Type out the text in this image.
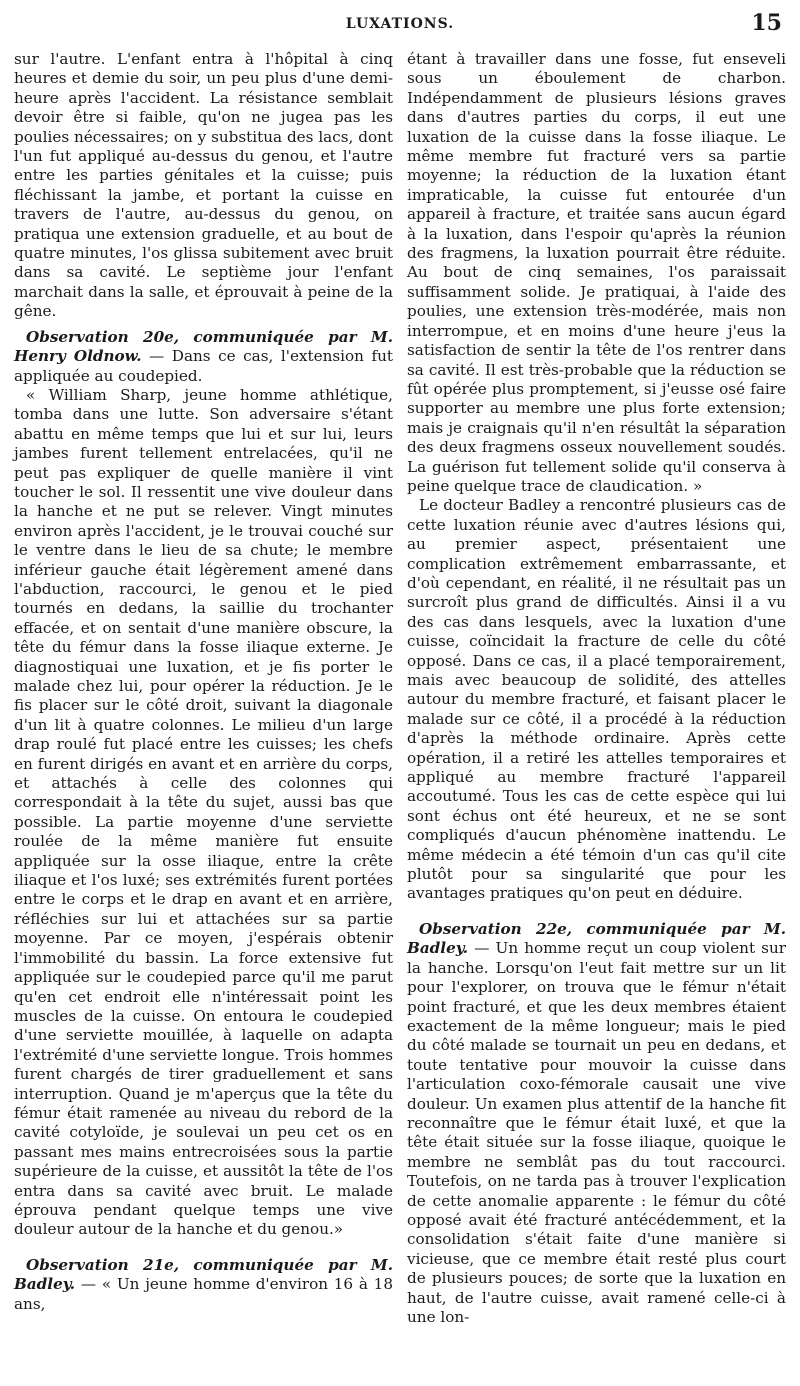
LUXATIONS.	15

sur l'autre. L'enfant entra à l'hôpital à cinq heures et demie du soir, un peu plus d'une demi-heure après l'accident. La résistance semblait devoir être si faible, qu'on ne jugea pas les poulies nécessaires; on y substitua des lacs, dont l'un fut appliqué au-dessus du genou, et l'autre entre les parties génitales et la cuisse; puis fléchissant la jambe, et portant la cuisse en travers de l'autre, au-dessus du genou, on pratiqua une extension graduelle, et au bout de quatre minutes, l'os glissa subitement avec bruit dans sa cavité. Le septième jour l'enfant marchait dans la salle, et éprouvait à peine de la gêne.

Observation 20e, communiquée par M. Henry Oldnow. — Dans ce cas, l'extension fut appliquée au coudepied.

« William Sharp, jeune homme athlétique, tomba dans une lutte. Son adversaire s'étant abattu en même temps que lui et sur lui, leurs jambes furent tellement entrelacées, qu'il ne peut pas expliquer de quelle manière il vint toucher le sol. Il ressentit une vive douleur dans la hanche et ne put se relever. Vingt minutes environ après l'accident, je le trouvai couché sur le ventre dans le lieu de sa chute; le membre inférieur gauche était légèrement amené dans l'abduction, raccourci, le genou et le pied tournés en dedans, la saillie du trochanter effacée, et on sentait d'une manière obscure, la tête du fémur dans la fosse iliaque externe. Je diagnostiquai une luxation, et je fis porter le malade chez lui, pour opérer la réduction. Je le fis placer sur le côté droit, suivant la diagonale d'un lit à quatre colonnes. Le milieu d'un large drap roulé fut placé entre les cuisses; les chefs en furent dirigés en avant et en arrière du corps, et attachés à celle des colonnes qui correspondait à la tête du sujet, aussi bas que possible. La partie moyenne d'une serviette roulée de la même manière fut ensuite appliquée sur la osse iliaque, entre la crête iliaque et l'os luxé; ses extrémités furent portées entre le corps et le drap en avant et en arrière, réfléchies sur lui et attachées sur sa partie moyenne. Par ce moyen, j'espérais obtenir l'immobilité du bassin. La force extensive fut appliquée sur le coudepied parce qu'il me parut qu'en cet endroit elle n'intéressait point les muscles de la cuisse. On entoura le coudepied d'une serviette mouillée, à laquelle on adapta l'extrémité d'une serviette longue. Trois hommes furent chargés de tirer graduellement et sans interruption. Quand je m'aperçus que la tête du fémur était ramenée au niveau du rebord de la cavité cotyloïde, je soulevai un peu cet os en passant mes mains entrecroisées sous la partie supérieure de la cuisse, et aussitôt la tête de l'os entra dans sa cavité avec bruit. Le malade éprouva pendant quelque temps une vive douleur autour de la hanche et du genou.»

Observation 21e, communiquée par M. Badley. — « Un jeune homme d'environ 16 à 18 ans,

étant à travailler dans une fosse, fut enseveli sous un éboulement de charbon. Indépendamment de plusieurs lésions graves dans d'autres parties du corps, il eut une luxation de la cuisse dans la fosse iliaque. Le même membre fut fracturé vers sa partie moyenne; la réduction de la luxation étant impraticable, la cuisse fut entourée d'un appareil à fracture, et traitée sans aucun égard à la luxation, dans l'espoir qu'après la réunion des fragmens, la luxation pourrait être réduite. Au bout de cinq semaines, l'os paraissait suffisamment solide. Je pratiquai, à l'aide des poulies, une extension très-modérée, mais non interrompue, et en moins d'une heure j'eus la satisfaction de sentir la tête de l'os rentrer dans sa cavité. Il est très-probable que la réduction se fût opérée plus promptement, si j'eusse osé faire supporter au membre une plus forte extension; mais je craignais qu'il n'en résultât la séparation des deux fragmens osseux nouvellement soudés. La guérison fut tellement solide qu'il conserva à peine quelque trace de claudication. »

Le docteur Badley a rencontré plusieurs cas de cette luxation réunie avec d'autres lésions qui, au premier aspect, présentaient une complication extrêmement embarrassante, et d'où cependant, en réalité, il ne résultait pas un surcroît plus grand de difficultés. Ainsi il a vu des cas dans lesquels, avec la luxation d'une cuisse, coïncidait la fracture de celle du côté opposé. Dans ce cas, il a placé temporairement, mais avec beaucoup de solidité, des attelles autour du membre fracturé, et faisant placer le malade sur ce côté, il a procédé à la réduction d'après la méthode ordinaire. Après cette opération, il a retiré les attelles temporaires et appliqué au membre fracturé l'appareil accoutumé. Tous les cas de cette espèce qui lui sont échus ont été heureux, et ne se sont compliqués d'aucun phénomène inattendu. Le même médecin a été témoin d'un cas qu'il cite plutôt pour sa singularité que pour les avantages pratiques qu'on peut en déduire.

Observation 22e, communiquée par M. Badley. — Un homme reçut un coup violent sur la hanche. Lorsqu'on l'eut fait mettre sur un lit pour l'explorer, on trouva que le fémur n'était point fracturé, et que les deux membres étaient exactement de la même longueur; mais le pied du côté malade se tournait un peu en dedans, et toute tentative pour mouvoir la cuisse dans l'articulation coxo-fémorale causait une vive douleur. Un examen plus attentif de la hanche fit reconnaître que le fémur était luxé, et que la tête était située sur la fosse iliaque, quoique le membre ne semblât pas du tout raccourci. Toutefois, on ne tarda pas à trouver l'explication de cette anomalie apparente : le fémur du côté opposé avait été fracturé antécédemment, et la consolidation s'était faite d'une manière si vicieuse, que ce membre était resté plus court de plusieurs pouces; de sorte que la luxation en haut, de l'autre cuisse, avait ramené celle-ci à une lon-
